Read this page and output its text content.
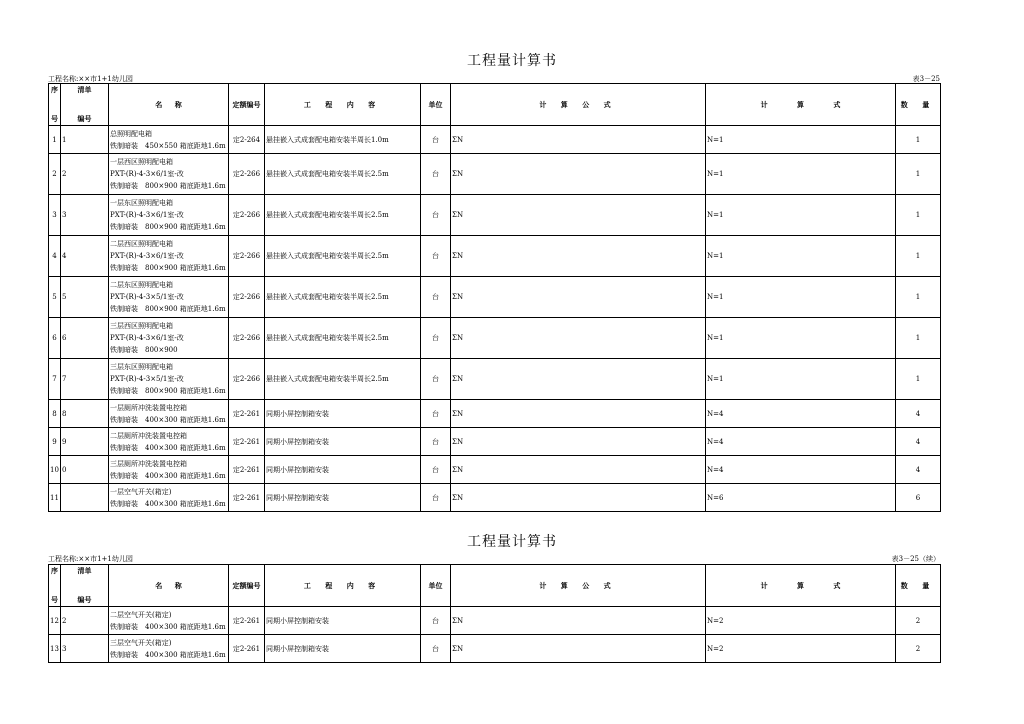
工程量计算书
工程名称:××市1+1幼儿园	表3－25
序
号	清单
编号	名 称	定额编号	工 程 内 容	单位	计 算 公 式	计 算 式	数 量
1	1	总照明配电箱
铁制暗装　450×550 箱底距地1.6m	定2-264	悬挂嵌入式成套配电箱安装半周长1.0m	台	ΣN	N=1	1
2	2	一层西区照明配电箱
PXT-(R)-4-3×6/1室-改
铁制暗装　800×900 箱底距地1.6m	定2-266	悬挂嵌入式成套配电箱安装半周长2.5m	台	ΣN	N=1	1
3	3	一层东区照明配电箱
PXT-(R)-4-3×6/1室-改
铁制暗装　800×900 箱底距地1.6m	定2-266	悬挂嵌入式成套配电箱安装半周长2.5m	台	ΣN	N=1	1
4	4	二层西区照明配电箱
PXT-(R)-4-3×6/1室-改
铁制暗装　800×900 箱底距地1.6m	定2-266	悬挂嵌入式成套配电箱安装半周长2.5m	台	ΣN	N=1	1
5	5	二层东区照明配电箱
PXT-(R)-4-3×5/1室-改
铁制暗装　800×900 箱底距地1.6m	定2-266	悬挂嵌入式成套配电箱安装半周长2.5m	台	ΣN	N=1	1
6	6	三层西区照明配电箱
PXT-(R)-4-3×6/1室-改
铁制暗装　800×900	定2-266	悬挂嵌入式成套配电箱安装半周长2.5m	台	ΣN	N=1	1
7	7	三层东区照明配电箱
PXT-(R)-4-3×5/1室-改
铁制暗装　800×900 箱底距地1.6m	定2-266	悬挂嵌入式成套配电箱安装半周长2.5m	台	ΣN	N=1	1
8	8	一层厕所冲洗装置电控箱
铁制暗装　400×300 箱底距地1.6m	定2-261	同期小屏控制箱安装	台	ΣN	N=4	4
9	9	二层厕所冲洗装置电控箱
铁制暗装　400×300 箱底距地1.6m	定2-261	同期小屏控制箱安装	台	ΣN	N=4	4
10	0	三层厕所冲洗装置电控箱
铁制暗装　400×300 箱底距地1.6m	定2-261	同期小屏控制箱安装	台	ΣN	N=4	4
11		一层空气开关(箱定)
铁制暗装　400×300 箱底距地1.6m	定2-261	同期小屏控制箱安装	台	ΣN	N=6	6
工程量计算书
工程名称:××市1+1幼儿园	表3－25（续）
序
号	清单
编号	名 称	定额编号	工 程 内 容	单位	计 算 公 式	计 算 式	数 量
12	2	二层空气开关(箱定)
铁制暗装　400×300 箱底距地1.6m	定2-261	同期小屏控制箱安装	台	ΣN	N=2	2
13	3	三层空气开关(箱定)
铁制暗装　400×300 箱底距地1.6m	定2-261	同期小屏控制箱安装	台	ΣN	N=2	2
